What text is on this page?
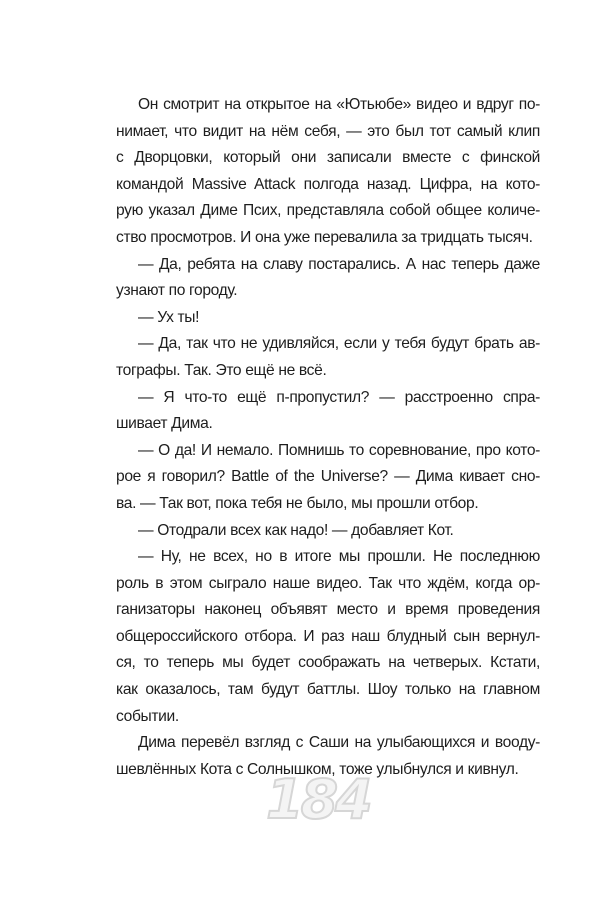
Он смотрит на открытое на «Ютьюбе» видео и вдруг по-
нимает, что видит на нём себя, — это был тот самый клип
с Дворцовки, который они записали вместе с финской
командой Massive Attack полгода назад. Цифра, на кото-
рую указал Диме Псих, представляла собой общее количе-
ство просмотров. И она уже перевалила за тридцать тысяч.
— Да, ребята на славу постарались. А нас теперь даже
узнают по городу.
— Ух ты!
— Да, так что не удивляйся, если у тебя будут брать ав-
тографы. Так. Это ещё не всё.
— Я что-то ещё п-пропустил? — расстроенно спра-
шивает Дима.
— О да! И немало. Помнишь то соревнование, про кото-
рое я говорил? Battle of the Universe? — Дима кивает сно-
ва. — Так вот, пока тебя не было, мы прошли отбор.
— Отодрали всех как надо! — добавляет Кот.
— Ну, не всех, но в итоге мы прошли. Не последнюю
роль в этом сыграло наше видео. Так что ждём, когда ор-
ганизаторы наконец объявят место и время проведения
общероссийского отбора. И раз наш блудный сын вернул-
ся, то теперь мы будет соображать на четверых. Кстати,
как оказалось, там будут баттлы. Шоу только на главном
событии.
Дима перевёл взгляд с Саши на улыбающихся и вооду-
шевлённых Кота с Солнышком, тоже улыбнулся и кивнул.
184
